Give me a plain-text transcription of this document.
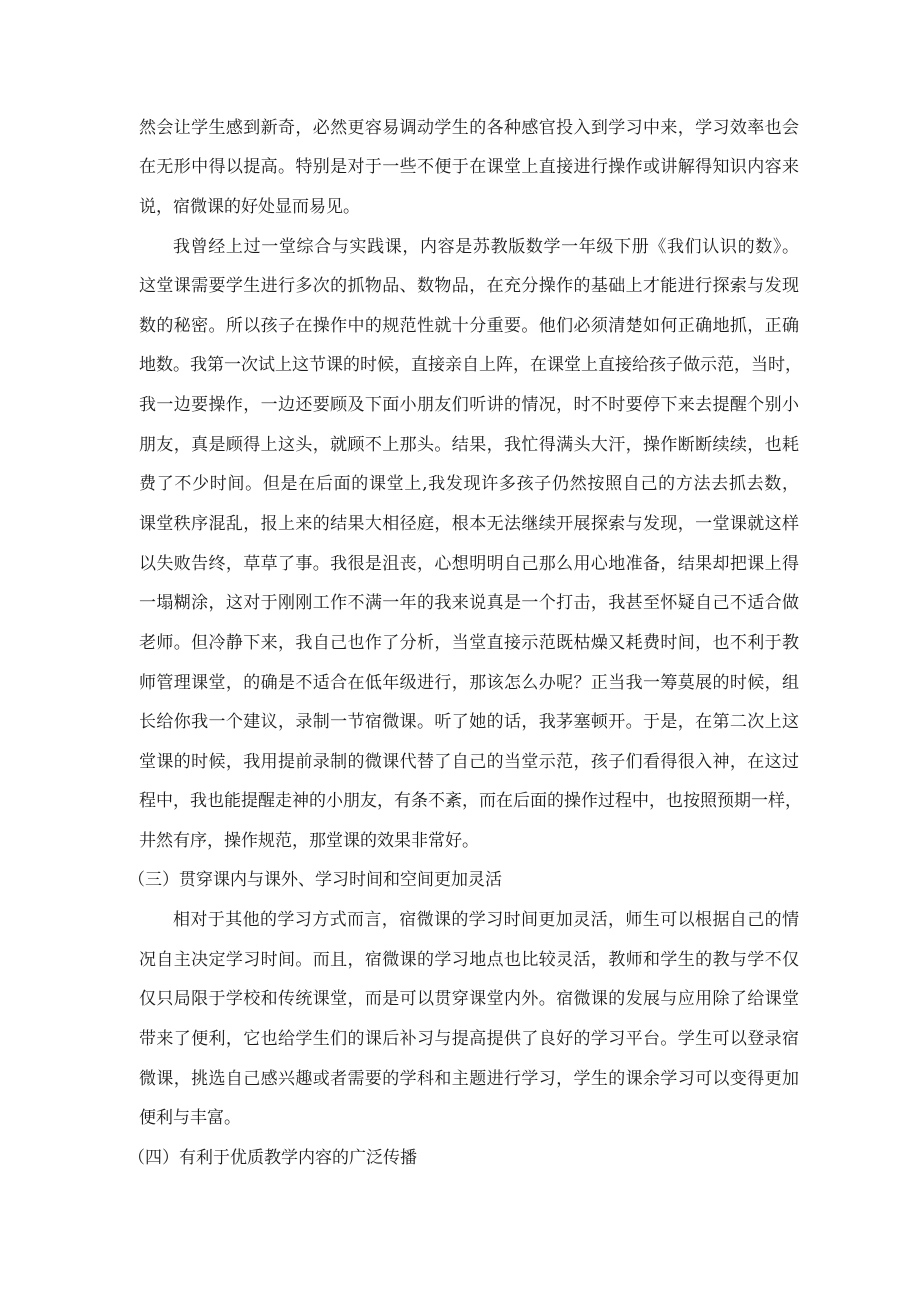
然会让学生感到新奇，必然更容易调动学生的各种感官投入到学习中来，学习效率也会
在无形中得以提高。特别是对于一些不便于在课堂上直接进行操作或讲解得知识内容来
说，宿微课的好处显而易见。
我曾经上过一堂综合与实践课，内容是苏教版数学一年级下册《我们认识的数》。
这堂课需要学生进行多次的抓物品、数物品，在充分操作的基础上才能进行探索与发现
数的秘密。所以孩子在操作中的规范性就十分重要。他们必须清楚如何正确地抓，正确
地数。我第一次试上这节课的时候，直接亲自上阵，在课堂上直接给孩子做示范，当时，
我一边要操作，一边还要顾及下面小朋友们听讲的情况，时不时要停下来去提醒个别小
朋友，真是顾得上这头，就顾不上那头。结果，我忙得满头大汗，操作断断续续，也耗
费了不少时间。但是在后面的课堂上,我发现许多孩子仍然按照自己的方法去抓去数，
课堂秩序混乱，报上来的结果大相径庭，根本无法继续开展探索与发现，一堂课就这样
以失败告终，草草了事。我很是沮丧，心想明明自己那么用心地准备，结果却把课上得
一塌糊涂，这对于刚刚工作不满一年的我来说真是一个打击，我甚至怀疑自己不适合做
老师。但冷静下来，我自己也作了分析，当堂直接示范既枯燥又耗费时间，也不利于教
师管理课堂，的确是不适合在低年级进行，那该怎么办呢？正当我一筹莫展的时候，组
长给你我一个建议，录制一节宿微课。听了她的话，我茅塞顿开。于是，在第二次上这
堂课的时候，我用提前录制的微课代替了自己的当堂示范，孩子们看得很入神，在这过
程中，我也能提醒走神的小朋友，有条不紊，而在后面的操作过程中，也按照预期一样，
井然有序，操作规范，那堂课的效果非常好。
（三）贯穿课内与课外、学习时间和空间更加灵活
相对于其他的学习方式而言，宿微课的学习时间更加灵活，师生可以根据自己的情
况自主决定学习时间。而且，宿微课的学习地点也比较灵活，教师和学生的教与学不仅
仅只局限于学校和传统课堂，而是可以贯穿课堂内外。宿微课的发展与应用除了给课堂
带来了便利，它也给学生们的课后补习与提高提供了良好的学习平台。学生可以登录宿
微课，挑选自己感兴趣或者需要的学科和主题进行学习，学生的课余学习可以变得更加
便利与丰富。
（四）有利于优质教学内容的广泛传播
